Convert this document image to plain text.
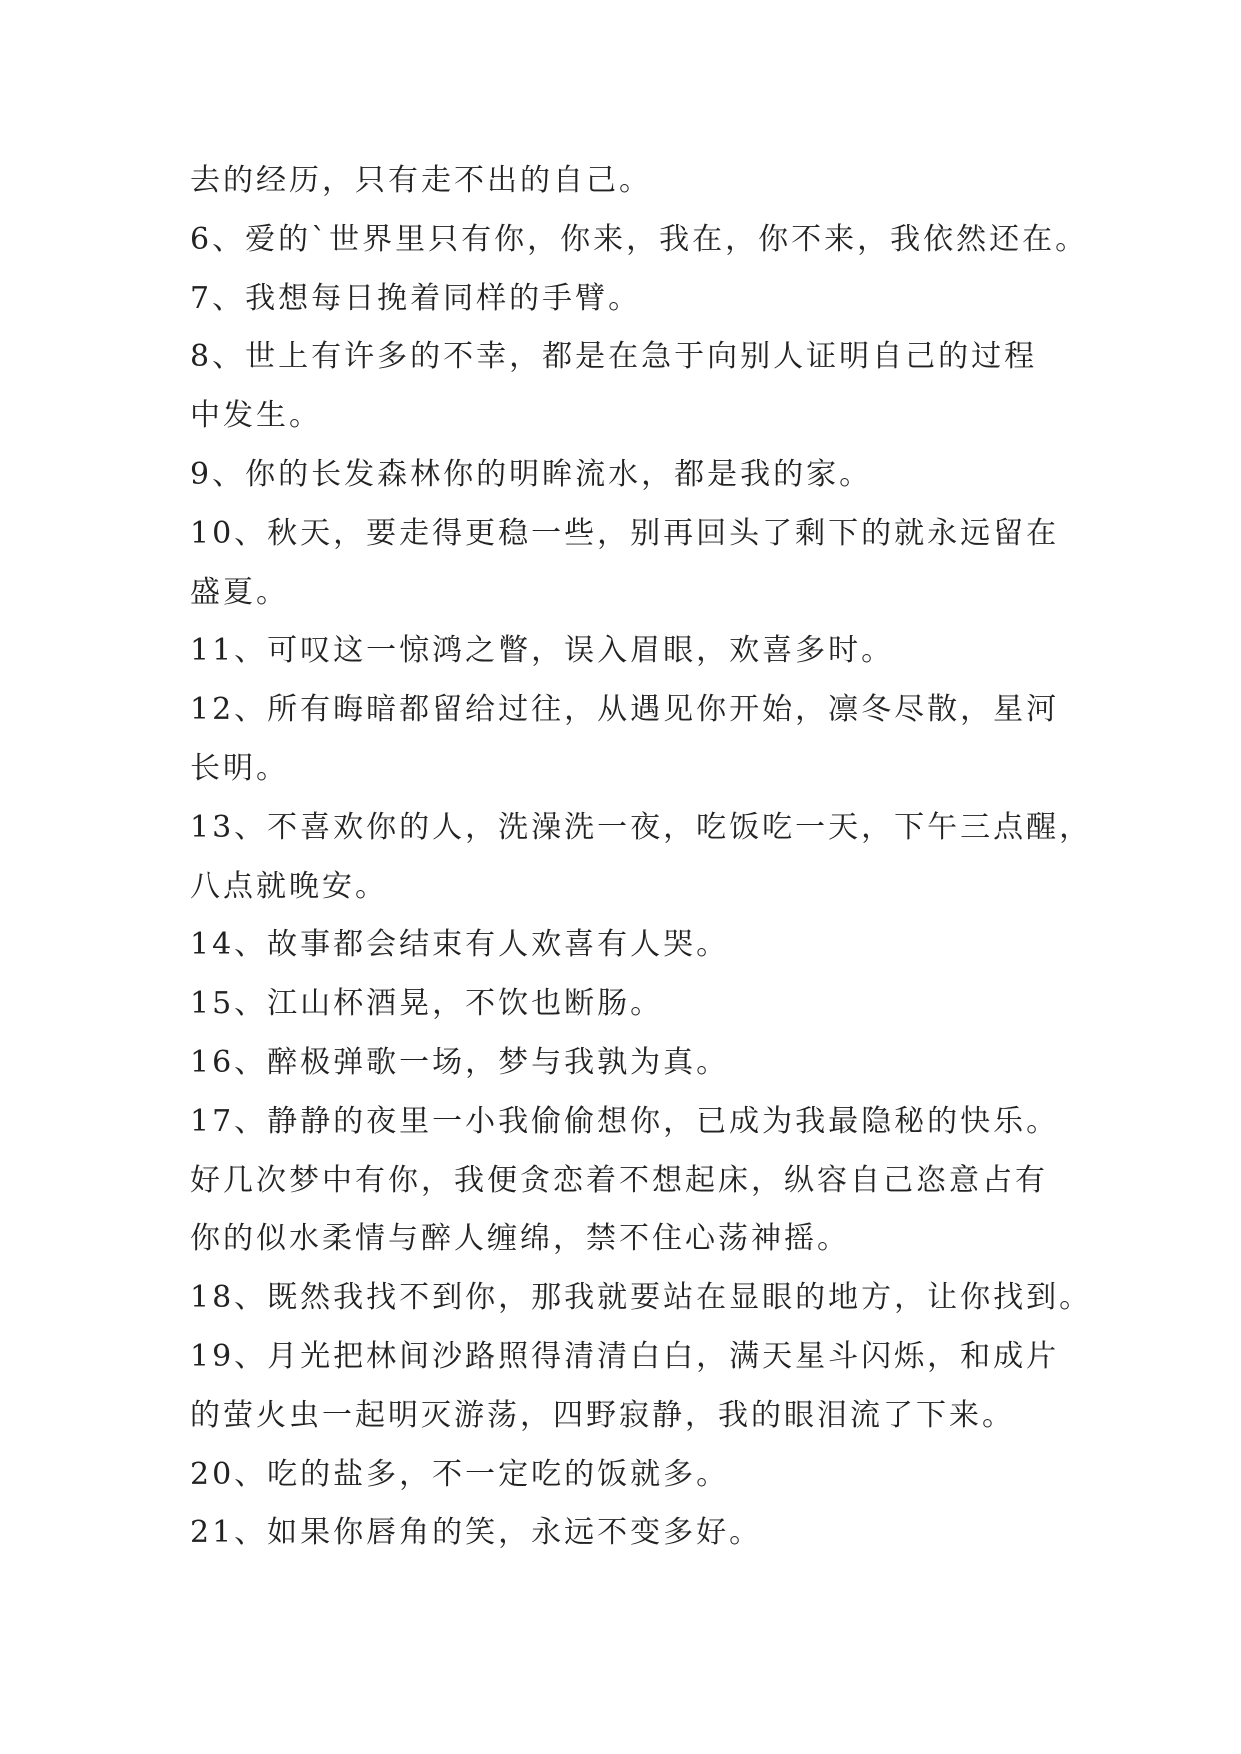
去的经历，只有走不出的自己。
6、爱的`世界里只有你，你来，我在，你不来，我依然还在。
7、我想每日挽着同样的手臂。
8、世上有许多的不幸，都是在急于向别人证明自己的过程
中发生。
9、你的长发森林你的明眸流水，都是我的家。
10、秋天，要走得更稳一些，别再回头了剩下的就永远留在
盛夏。
11、可叹这一惊鸿之瞥，误入眉眼，欢喜多时。
12、所有晦暗都留给过往，从遇见你开始，凛冬尽散，星河
长明。
13、不喜欢你的人，洗澡洗一夜，吃饭吃一天，下午三点醒，
八点就晚安。
14、故事都会结束有人欢喜有人哭。
15、江山杯酒晃，不饮也断肠。
16、醉极弹歌一场，梦与我孰为真。
17、静静的夜里一小我偷偷想你，已成为我最隐秘的快乐。
好几次梦中有你，我便贪恋着不想起床，纵容自己恣意占有
你的似水柔情与醉人缠绵，禁不住心荡神摇。
18、既然我找不到你，那我就要站在显眼的地方，让你找到。
19、月光把林间沙路照得清清白白，满天星斗闪烁，和成片
的萤火虫一起明灭游荡，四野寂静，我的眼泪流了下来。
20、吃的盐多，不一定吃的饭就多。
21、如果你唇角的笑，永远不变多好。
